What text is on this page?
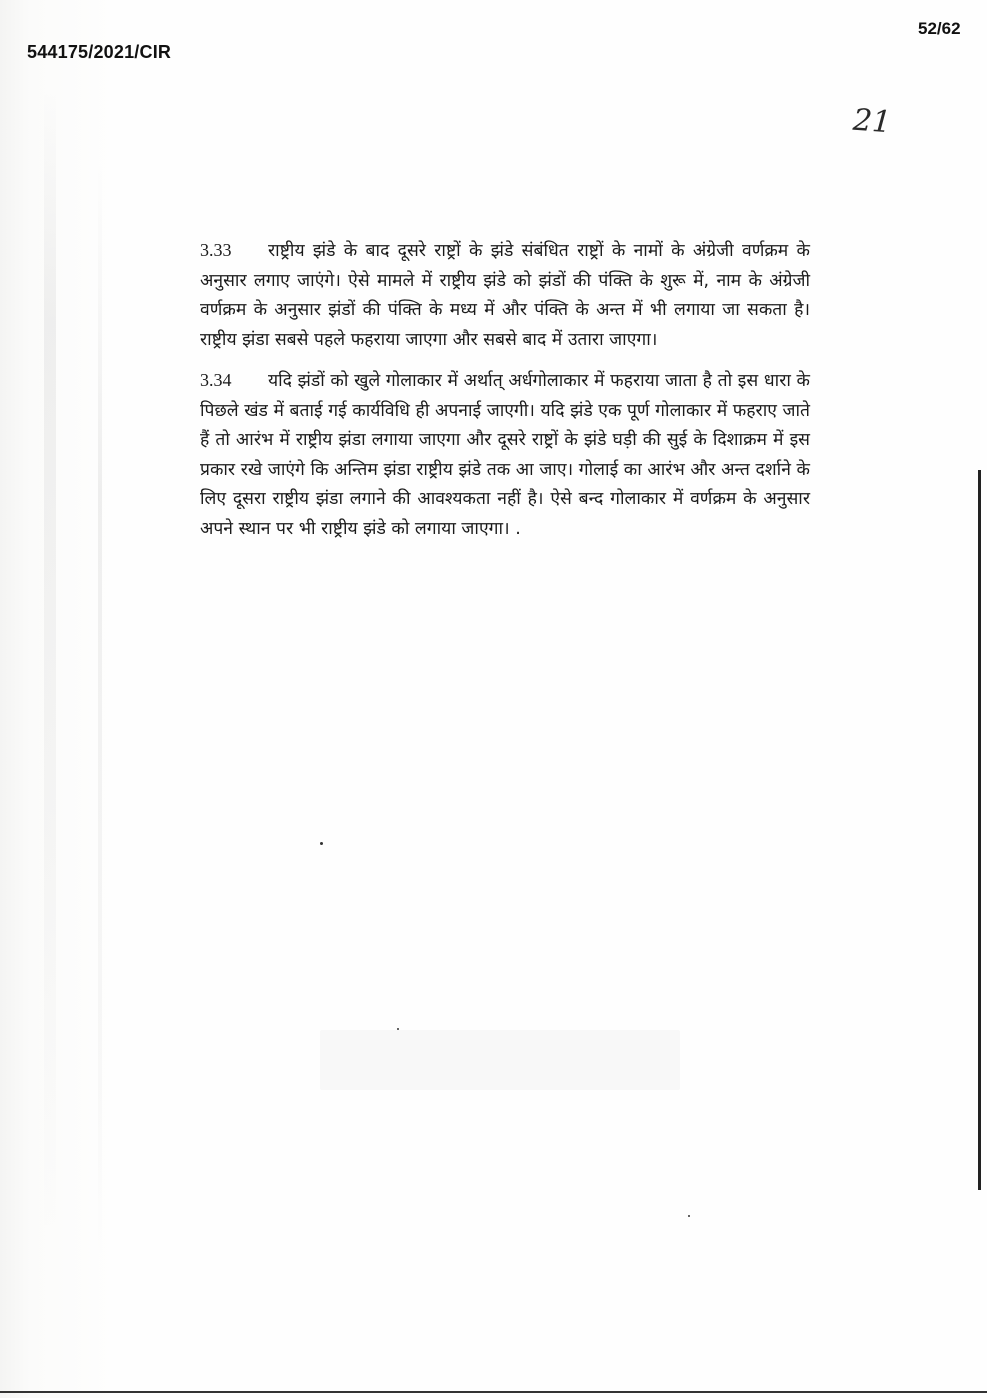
544175/2021/CIR
52/62
21

3.33 राष्ट्रीय झंडे के बाद दूसरे राष्ट्रों के झंडे संबंधित राष्ट्रों के नामों के अंग्रेजी वर्णक्रम के अनुसार लगाए जाएंगे। ऐसे मामले में राष्ट्रीय झंडे को झंडों की पंक्ति के शुरू में, नाम के अंग्रेजी वर्णक्रम के अनुसार झंडों की पंक्ति के मध्य में और पंक्ति के अन्त में भी लगाया जा सकता है। राष्ट्रीय झंडा सबसे पहले फहराया जाएगा और सबसे बाद में उतारा जाएगा।

3.34 यदि झंडों को खुले गोलाकार में अर्थात् अर्धगोलाकार में फहराया जाता है तो इस धारा के पिछले खंड में बताई गई कार्यविधि ही अपनाई जाएगी। यदि झंडे एक पूर्ण गोलाकार में फहराए जाते हैं तो आरंभ में राष्ट्रीय झंडा लगाया जाएगा और दूसरे राष्ट्रों के झंडे घड़ी की सुई के दिशाक्रम में इस प्रकार रखे जाएंगे कि अन्तिम झंडा राष्ट्रीय झंडे तक आ जाए। गोलाई का आरंभ और अन्त दर्शाने के लिए दूसरा राष्ट्रीय झंडा लगाने की आवश्यकता नहीं है। ऐसे बन्द गोलाकार में वर्णक्रम के अनुसार अपने स्थान पर भी राष्ट्रीय झंडे को लगाया जाएगा। .
